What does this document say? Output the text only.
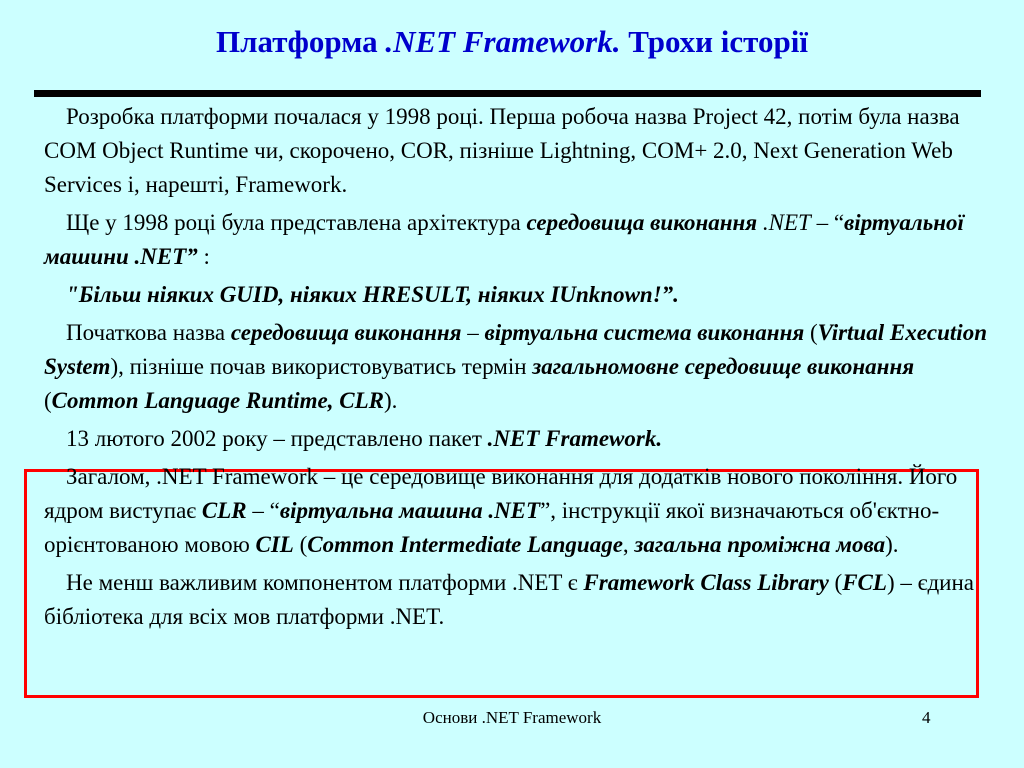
Платформа .NET Framework. Трохи історії

Розробка платформи почалася у 1998 році. Перша робоча назва Project 42, потім була назва COM Object Runtime чи, скорочено, COR, пізніше Lightning, COM+ 2.0, Next Generation Web Services і, нарешті, Framework.

Ще у 1998 році була представлена архітектура середовища виконання .NET – “віртуальної машини .NET” :

"Більш ніяких GUID, ніяких HRESULT, ніяких IUnknown!”.

Початкова назва середовища виконання – віртуальна система виконання (Virtual Execution System), пізніше почав використовуватись термін загальномовне середовище виконання (Common Language Runtime, CLR).

13 лютого 2002 року – представлено пакет .NET Framework.

Загалом, .NET Framework – це середовище виконання для додатків нового покоління. Його ядром виступає CLR – “віртуальна машина .NET”, інструкції якої визначаються об'єктно-орієнтованою мовою CIL (Common Intermediate Language, загальна проміжна мова).

Не менш важливим компонентом платформи .NET є Framework Class Library (FCL) – єдина бібліотека для всіх мов платформи .NET.

Основи .NET Framework	4
